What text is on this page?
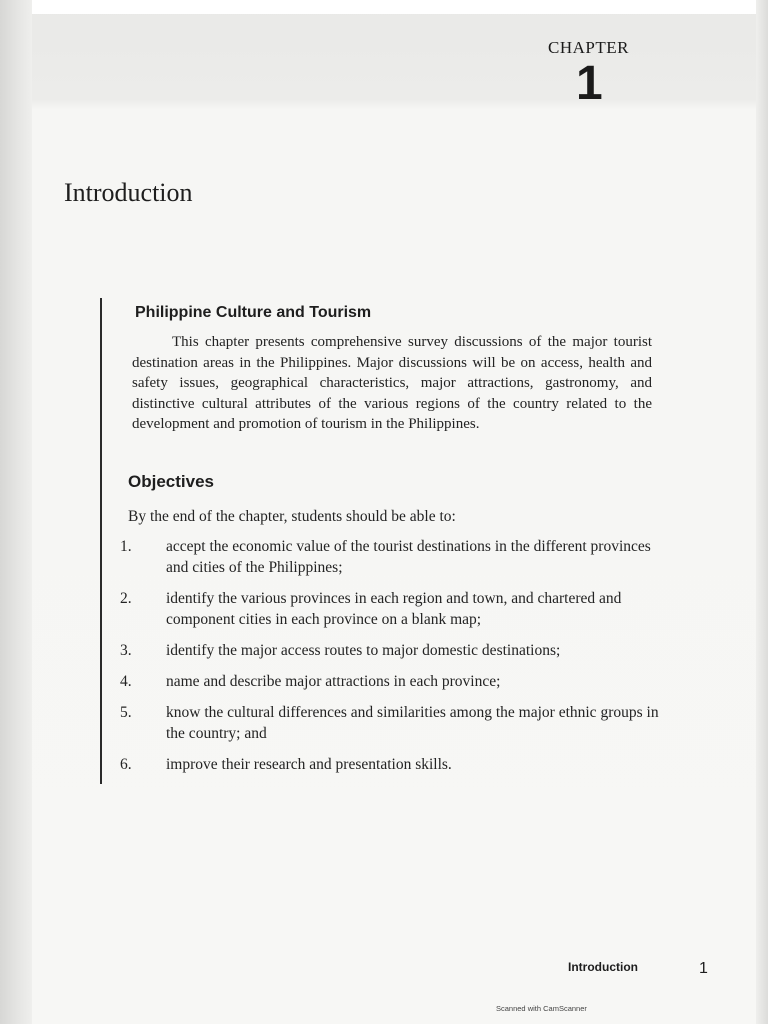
CHAPTER
1
Introduction
Philippine Culture and Tourism

This chapter presents comprehensive survey discussions of the major tourist destination areas in the Philippines. Major discussions will be on access, health and safety issues, geographical characteristics, major attractions, gastronomy, and distinctive cultural attributes of the various regions of the country related to the development and promotion of tourism in the Philippines.

Objectives

By the end of the chapter, students should be able to:

1. accept the economic value of the tourist destinations in the different provinces and cities of the Philippines;
2. identify the various provinces in each region and town, and chartered and component cities in each province on a blank map;
3. identify the major access routes to major domestic destinations;
4. name and describe major attractions in each province;
5. know the cultural differences and similarities among the major ethnic groups in the country; and
6. improve their research and presentation skills.
Introduction	1
Scanned with CamScanner
